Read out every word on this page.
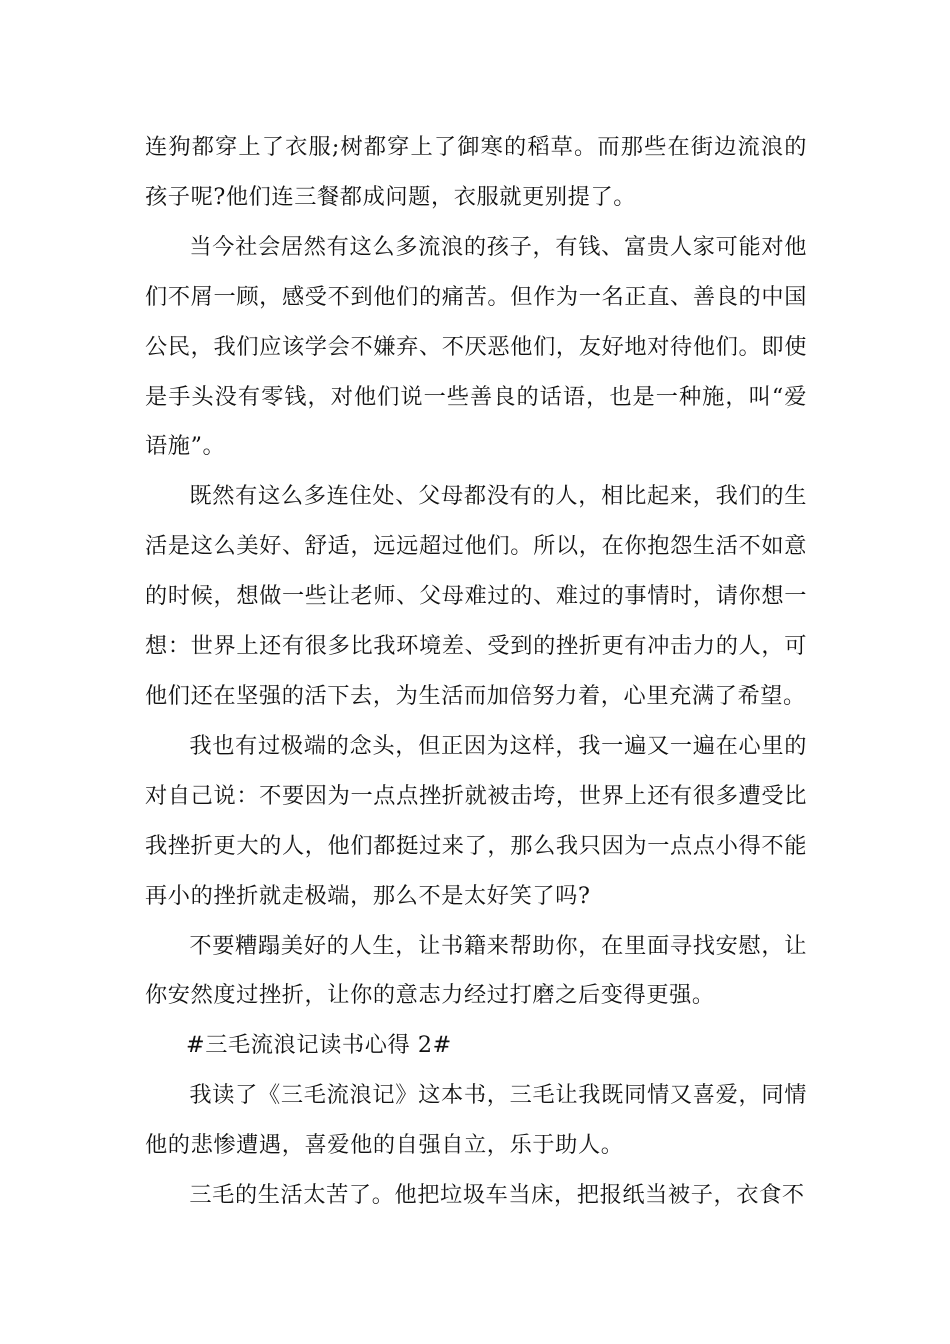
连狗都穿上了衣服;树都穿上了御寒的稻草。而那些在街边流浪的孩子呢?他们连三餐都成问题，衣服就更别提了。

当今社会居然有这么多流浪的孩子，有钱、富贵人家可能对他们不屑一顾，感受不到他们的痛苦。但作为一名正直、善良的中国公民，我们应该学会不嫌弃、不厌恶他们，友好地对待他们。即使是手头没有零钱，对他们说一些善良的话语，也是一种施，叫“爱语施”。

既然有这么多连住处、父母都没有的人，相比起来，我们的生活是这么美好、舒适，远远超过他们。所以，在你抱怨生活不如意的时候，想做一些让老师、父母难过的、难过的事情时，请你想一想：世界上还有很多比我环境差、受到的挫折更有冲击力的人，可他们还在坚强的活下去，为生活而加倍努力着，心里充满了希望。

我也有过极端的念头，但正因为这样，我一遍又一遍在心里的对自己说：不要因为一点点挫折就被击垮，世界上还有很多遭受比我挫折更大的人，他们都挺过来了，那么我只因为一点点小得不能再小的挫折就走极端，那么不是太好笑了吗?

不要糟蹋美好的人生，让书籍来帮助你，在里面寻找安慰，让你安然度过挫折，让你的意志力经过打磨之后变得更强。

#三毛流浪记读书心得 2#

我读了《三毛流浪记》这本书，三毛让我既同情又喜爱，同情他的悲惨遭遇，喜爱他的自强自立，乐于助人。

三毛的生活太苦了。他把垃圾车当床，把报纸当被子，衣食不
